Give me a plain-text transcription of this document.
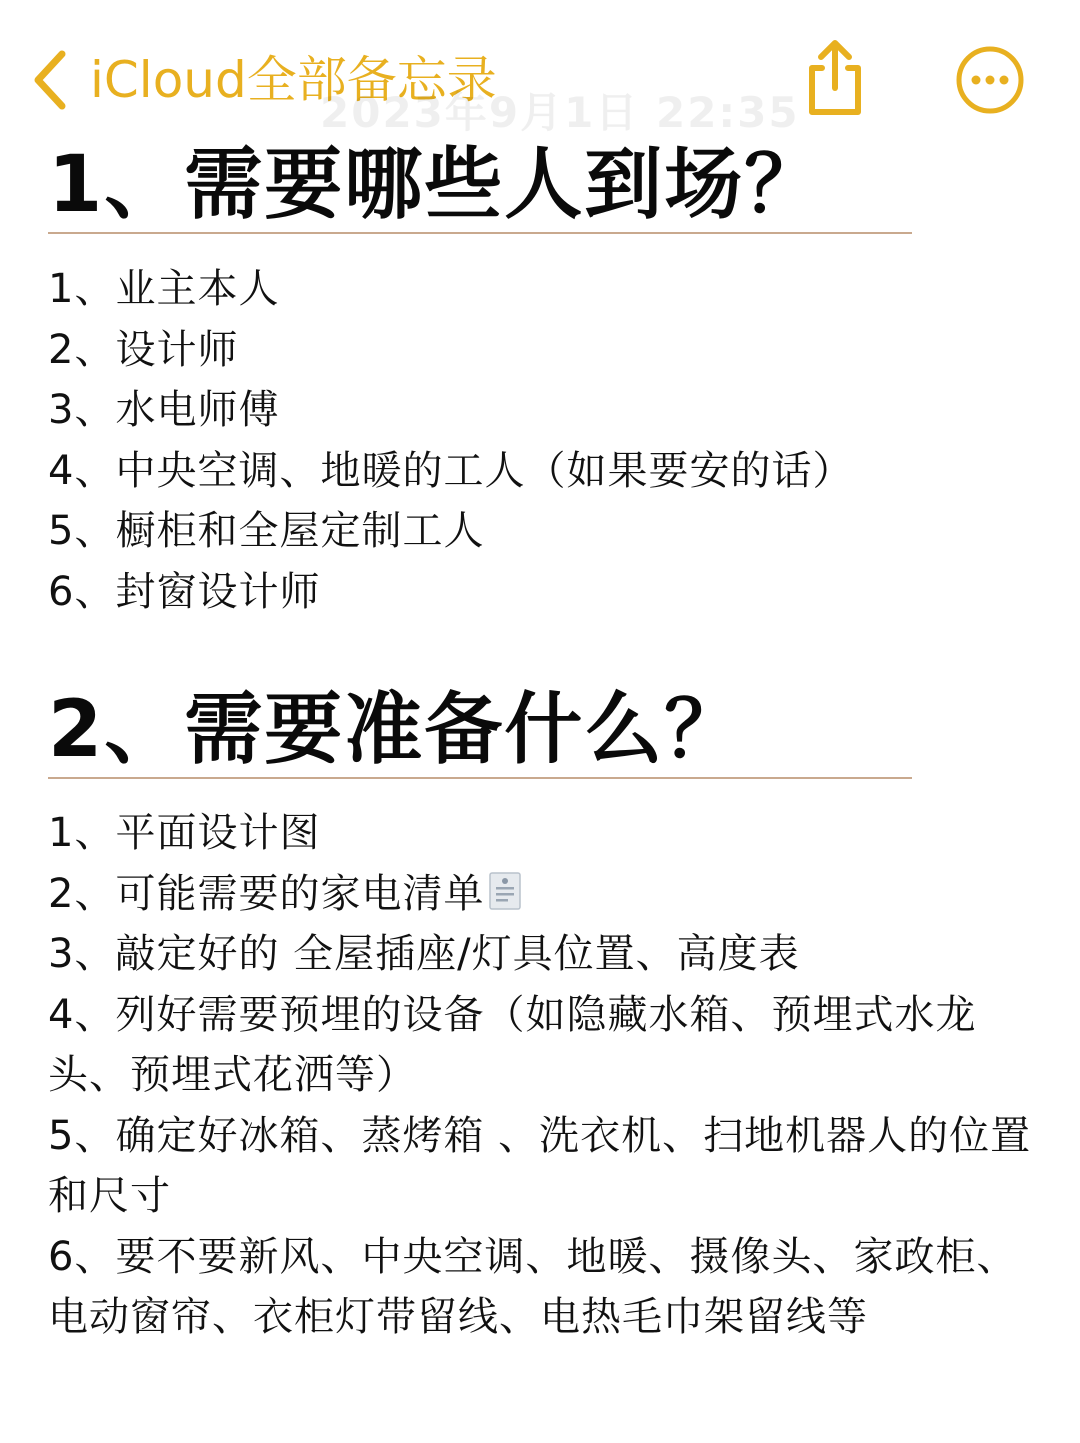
iCloud全部备忘录
2023年9月1日 22:35
1、需要哪些人到场？
1、业主本人
2、设计师
3、水电师傅
4、中央空调、地暖的工人（如果要安的话）
5、橱柜和全屋定制工人
6、封窗设计师
2、需要准备什么？
1、平面设计图
2、可能需要的家电清单
3、敲定好的 全屋插座/灯具位置、高度表
4、列好需要预埋的设备（如隐藏水箱、预埋式水龙头、预埋式花洒等）
5、确定好冰箱、蒸烤箱 、洗衣机、扫地机器人的位置和尺寸
6、要不要新风、中央空调、地暖、摄像头、家政柜、电动窗帘、衣柜灯带留线、电热毛巾架留线等
